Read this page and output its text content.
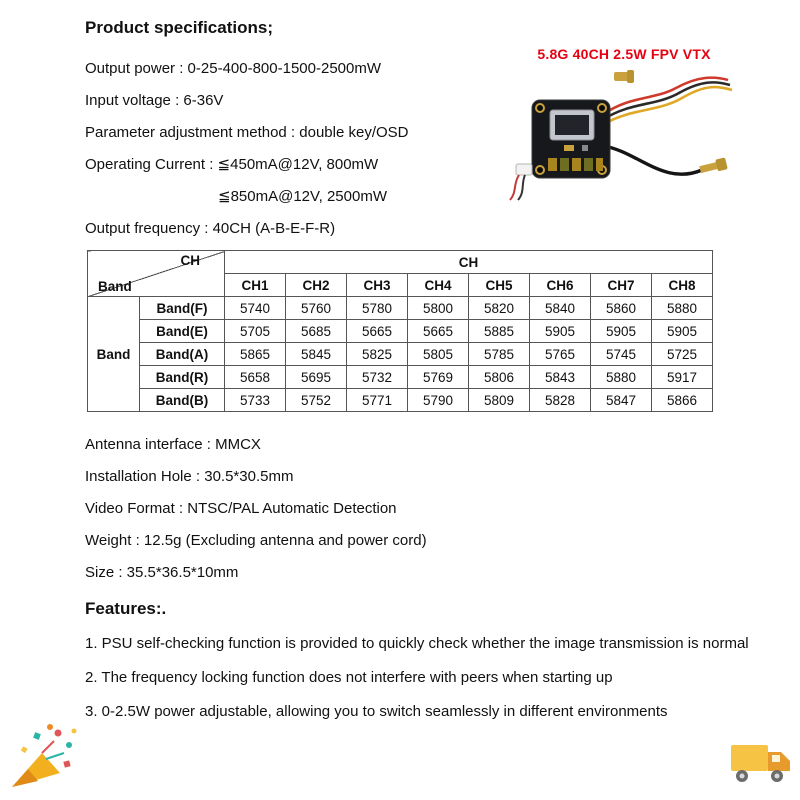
Product specifications;
Output power : 0-25-400-800-1500-2500mW
Input voltage : 6-36V
Parameter adjustment method : double key/OSD
Operating Current : ≦450mA@12V, 800mW
≦850mA@12V, 2500mW
Output frequency : 40CH (A-B-E-F-R)
CH
Band		CH							
		CH1	CH2	CH3	CH4	CH5	CH6	CH7	CH8
Band	Band(F)	5740	5760	5780	5800	5820	5840	5860	5880
	Band(E)	5705	5685	5665	5665	5885	5905	5905	5905
	Band(A)	5865	5845	5825	5805	5785	5765	5745	5725
	Band(R)	5658	5695	5732	5769	5806	5843	5880	5917
	Band(B)	5733	5752	5771	5790	5809	5828	5847	5866
Antenna interface : MMCX
Installation Hole : 30.5*30.5mm
Video Format : NTSC/PAL Automatic Detection
Weight : 12.5g (Excluding antenna and power cord)
Size : 35.5*36.5*10mm
Features:.

1. PSU self-checking function is provided to quickly check whether the image transmission is normal

2. The frequency locking function does not interfere with peers when starting up

3. 0-2.5W power adjustable, allowing you to switch seamlessly in different environments

5.8G 40CH 2.5W FPV VTX
